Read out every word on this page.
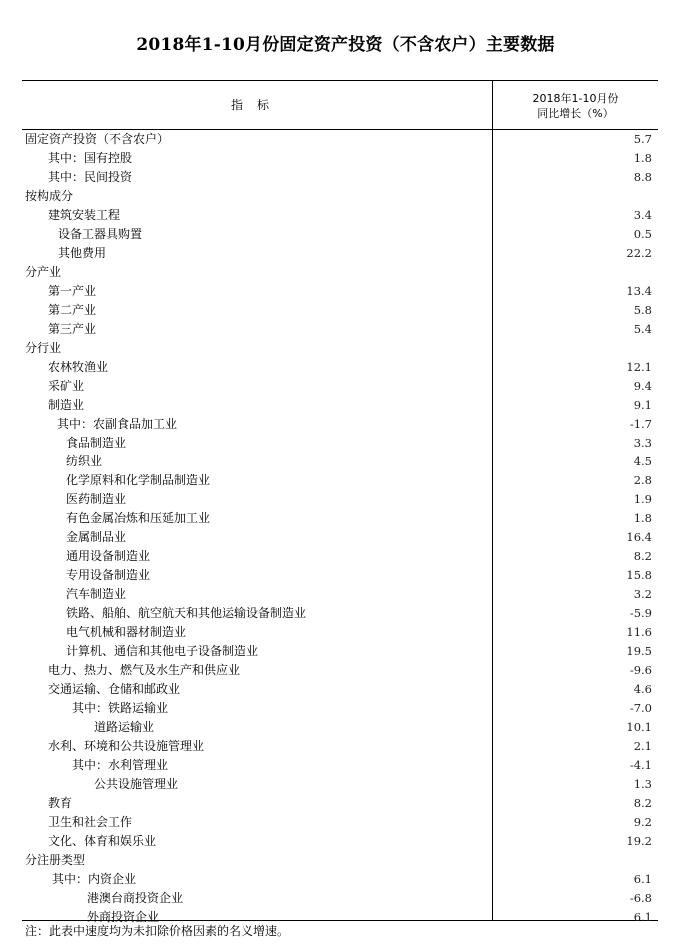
2018年1-10月份固定资产投资（不含农户）主要数据
指标	2018年1-10月份
同比增长（%）
固定资产投资（不含农户）	5.7
其中：国有控股	1.8
其中：民间投资	8.8
按构成分
建筑安装工程	3.4
设备工器具购置	0.5
其他费用	22.2
分产业
第一产业	13.4
第二产业	5.8
第三产业	5.4
分行业
农林牧渔业	12.1
采矿业	9.4
制造业	9.1
其中：农副食品加工业	-1.7
食品制造业	3.3
纺织业	4.5
化学原料和化学制品制造业	2.8
医药制造业	1.9
有色金属冶炼和压延加工业	1.8
金属制品业	16.4
通用设备制造业	8.2
专用设备制造业	15.8
汽车制造业	3.2
铁路、船舶、航空航天和其他运输设备制造业	-5.9
电气机械和器材制造业	11.6
计算机、通信和其他电子设备制造业	19.5
电力、热力、燃气及水生产和供应业	-9.6
交通运输、仓储和邮政业	4.6
其中：铁路运输业	-7.0
道路运输业	10.1
水利、环境和公共设施管理业	2.1
其中：水利管理业	-4.1
公共设施管理业	1.3
教育	8.2
卫生和社会工作	9.2
文化、体育和娱乐业	19.2
分注册类型
其中：内资企业	6.1
港澳台商投资企业	-6.8
外商投资企业	6.1
注：此表中速度均为未扣除价格因素的名义增速。
